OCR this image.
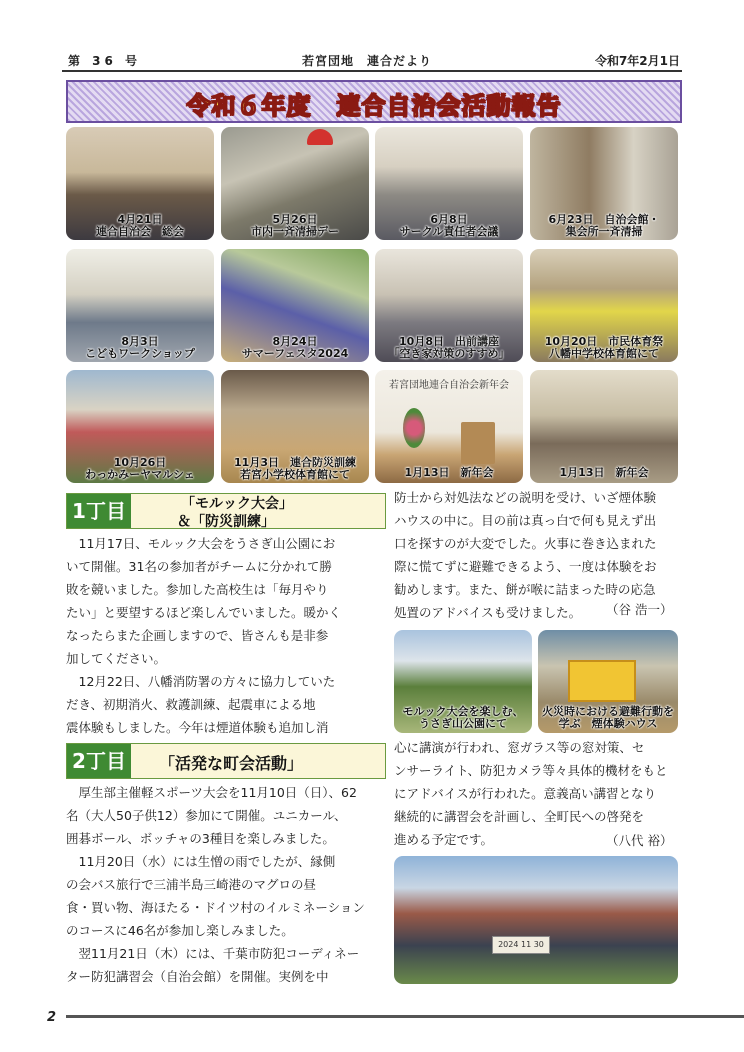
第 36 号	若宮団地　連合だより	令和7年2月1日
令和６年度　連合自治会活動報告
4月21日
連合自治会　総会
5月26日
市内一斉清掃デー
6月8日
サークル責任者会議
6月23日　自治会館・
集会所一斉清掃
8月3日
こどもワークショップ
8月24日
サマーフェスタ2024
10月8日　出前講座
「空き家対策のすすめ」
10月20日　市民体育祭
八幡中学校体育館にて
10月26日
わっかみーヤマルシェ
11月3日　連合防災訓練
若宮小学校体育館にて
若宮団地連合自治会新年会
1月13日　新年会	1月13日　新年会
1丁目	「モルック大会」
＆「防災訓練」
　11月17日、モルック大会をうさぎ山公園にお
いて開催。31名の参加者がチームに分かれて勝
敗を競いました。参加した高校生は「毎月やり
たい」と要望するほど楽しんでいました。暖かく
なったらまた企画しますので、皆さんも是非参
加してください。
　12月22日、八幡消防署の方々に協力していた
だき、初期消火、救護訓練、起震車による地
震体験もしました。今年は煙道体験も追加し消
防士から対処法などの説明を受け、いざ煙体験
ハウスの中に。目の前は真っ白で何も見えず出
口を探すのが大変でした。火事に巻き込まれた
際に慌てずに避難できるよう、一度は体験をお
勧めします。また、餅が喉に詰まった時の応急
処置のアドバイスも受けました。	（谷 浩一）
モルック大会を楽しむ、
うさぎ山公園にて
火災時における避難行動を
学ぶ　煙体験ハウス
2丁目	「活発な町会活動」
　厚生部主催軽スポーツ大会を11月10日（日）、62
名（大人50子供12）参加にて開催。ユニカール、
囲碁ボール、ボッチャの3種目を楽しみました。
　11月20日（水）には生憎の雨でしたが、縁側
の会バス旅行で三浦半島三崎港のマグロの昼
食・買い物、海ほたる・ドイツ村のイルミネーション
のコースに46名が参加し楽しみました。
　翌11月21日（木）には、千葉市防犯コーディネー
ター防犯講習会（自治会館）を開催。実例を中
心に講演が行われ、窓ガラス等の窓対策、セ
ンサーライト、防犯カメラ等々具体的機材をもと
にアドバイスが行われた。意義高い講習となり
継続的に講習会を計画し、全町民への啓発を
進める予定です。	（八代 裕）
2024 11 30
2
